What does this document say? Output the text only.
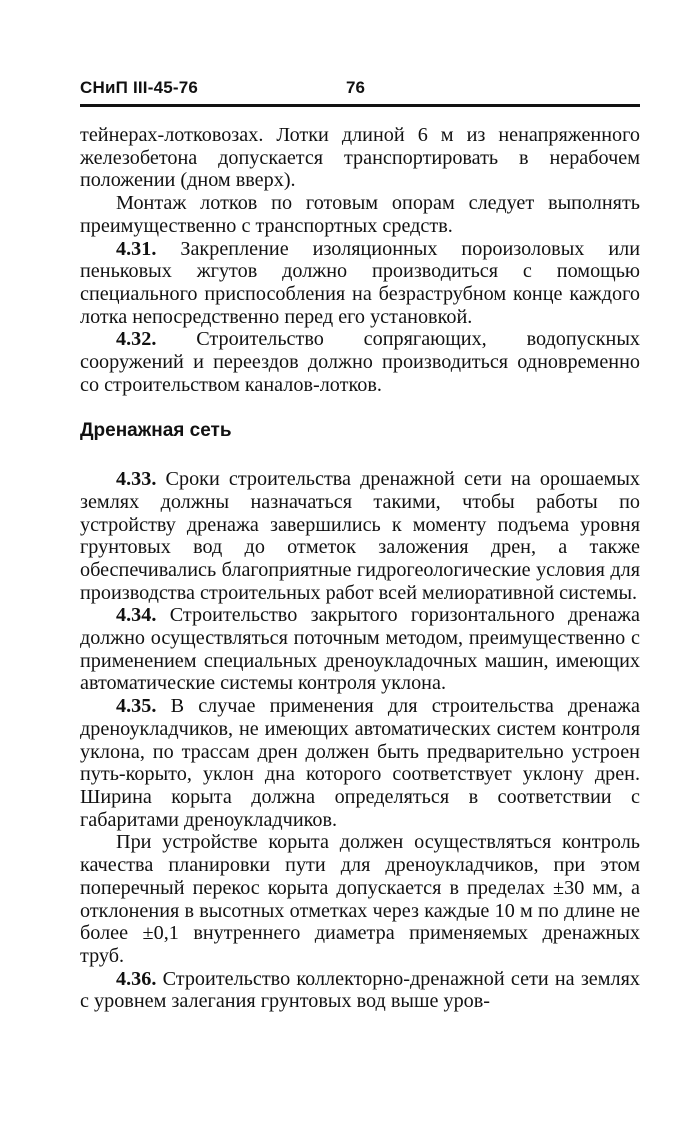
СНиП III-45-76	76

тейнерах-лотковозах. Лотки длиной 6 м из ненапряженного железобетона допускается транспортировать в нерабочем положении (дном вверх).

Монтаж лотков по готовым опорам следует выполнять преимущественно с транспортных средств.

4.31. Закрепление изоляционных пороизоловых или пеньковых жгутов должно производиться с помощью специального приспособления на безраструбном конце каждого лотка непосредственно перед его установкой.

4.32. Строительство сопрягающих, водопускных сооружений и переездов должно производиться одновременно со строительством каналов-лотков.

Дренажная сеть

4.33. Сроки строительства дренажной сети на орошаемых землях должны назначаться такими, чтобы работы по устройству дренажа завершились к моменту подъема уровня грунтовых вод до отметок заложения дрен, а также обеспечивались благоприятные гидрогеологические условия для производства строительных работ всей мелиоративной системы.

4.34. Строительство закрытого горизонтального дренажа должно осуществляться поточным методом, преимущественно с применением специальных дреноукладочных машин, имеющих автоматические системы контроля уклона.

4.35. В случае применения для строительства дренажа дреноукладчиков, не имеющих автоматических систем контроля уклона, по трассам дрен должен быть предварительно устроен путь-корыто, уклон дна которого соответствует уклону дрен. Ширина корыта должна определяться в соответствии с габаритами дреноукладчиков.

При устройстве корыта должен осуществляться контроль качества планировки пути для дреноукладчиков, при этом поперечный перекос корыта допускается в пределах ±30 мм, а отклонения в высотных отметках через каждые 10 м по длине не более ±0,1 внутреннего диаметра применяемых дренажных труб.

4.36. Строительство коллекторно-дренажной сети на землях с уровнем залегания грунтовых вод выше уров-
